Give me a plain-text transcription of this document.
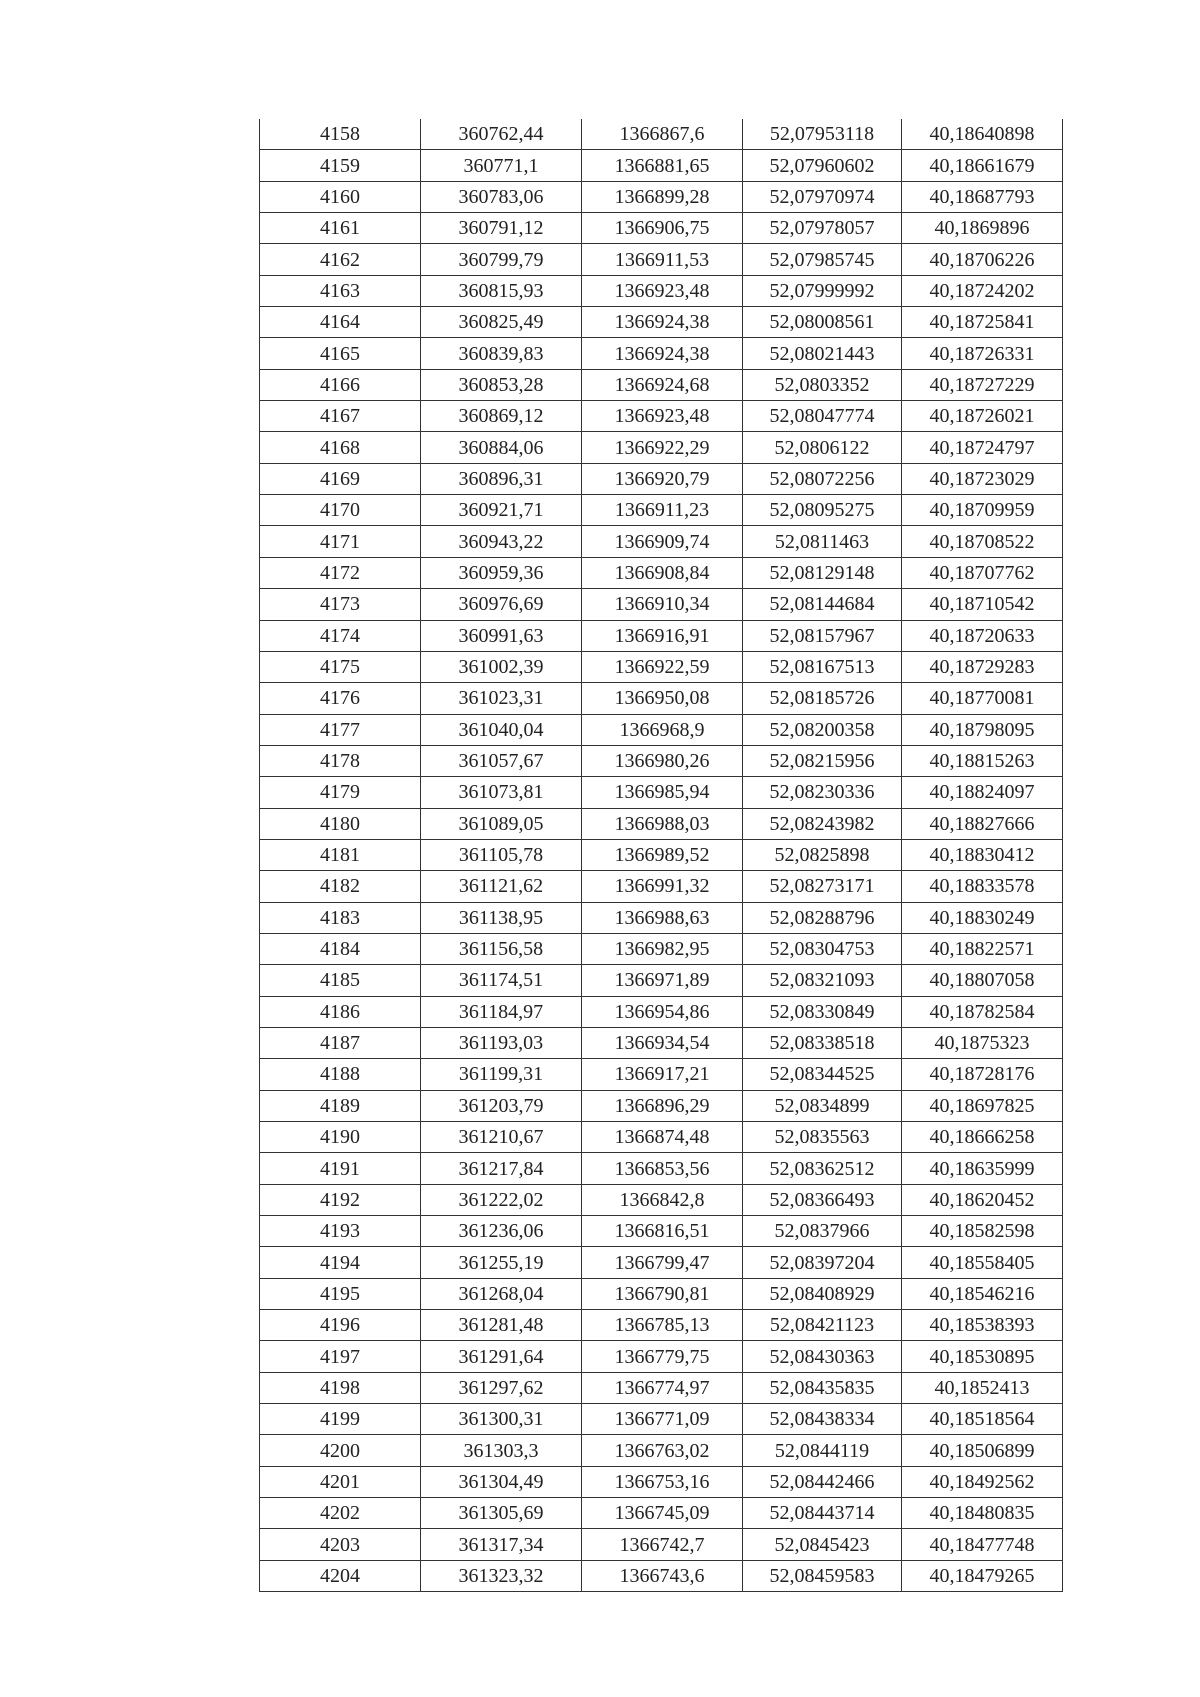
4158	360762,44	1366867,6	52,07953118	40,18640898
4159	360771,1	1366881,65	52,07960602	40,18661679
4160	360783,06	1366899,28	52,07970974	40,18687793
4161	360791,12	1366906,75	52,07978057	40,1869896
4162	360799,79	1366911,53	52,07985745	40,18706226
4163	360815,93	1366923,48	52,07999992	40,18724202
4164	360825,49	1366924,38	52,08008561	40,18725841
4165	360839,83	1366924,38	52,08021443	40,18726331
4166	360853,28	1366924,68	52,0803352	40,18727229
4167	360869,12	1366923,48	52,08047774	40,18726021
4168	360884,06	1366922,29	52,0806122	40,18724797
4169	360896,31	1366920,79	52,08072256	40,18723029
4170	360921,71	1366911,23	52,08095275	40,18709959
4171	360943,22	1366909,74	52,0811463	40,18708522
4172	360959,36	1366908,84	52,08129148	40,18707762
4173	360976,69	1366910,34	52,08144684	40,18710542
4174	360991,63	1366916,91	52,08157967	40,18720633
4175	361002,39	1366922,59	52,08167513	40,18729283
4176	361023,31	1366950,08	52,08185726	40,18770081
4177	361040,04	1366968,9	52,08200358	40,18798095
4178	361057,67	1366980,26	52,08215956	40,18815263
4179	361073,81	1366985,94	52,08230336	40,18824097
4180	361089,05	1366988,03	52,08243982	40,18827666
4181	361105,78	1366989,52	52,0825898	40,18830412
4182	361121,62	1366991,32	52,08273171	40,18833578
4183	361138,95	1366988,63	52,08288796	40,18830249
4184	361156,58	1366982,95	52,08304753	40,18822571
4185	361174,51	1366971,89	52,08321093	40,18807058
4186	361184,97	1366954,86	52,08330849	40,18782584
4187	361193,03	1366934,54	52,08338518	40,1875323
4188	361199,31	1366917,21	52,08344525	40,18728176
4189	361203,79	1366896,29	52,0834899	40,18697825
4190	361210,67	1366874,48	52,0835563	40,18666258
4191	361217,84	1366853,56	52,08362512	40,18635999
4192	361222,02	1366842,8	52,08366493	40,18620452
4193	361236,06	1366816,51	52,0837966	40,18582598
4194	361255,19	1366799,47	52,08397204	40,18558405
4195	361268,04	1366790,81	52,08408929	40,18546216
4196	361281,48	1366785,13	52,08421123	40,18538393
4197	361291,64	1366779,75	52,08430363	40,18530895
4198	361297,62	1366774,97	52,08435835	40,1852413
4199	361300,31	1366771,09	52,08438334	40,18518564
4200	361303,3	1366763,02	52,0844119	40,18506899
4201	361304,49	1366753,16	52,08442466	40,18492562
4202	361305,69	1366745,09	52,08443714	40,18480835
4203	361317,34	1366742,7	52,0845423	40,18477748
4204	361323,32	1366743,6	52,08459583	40,18479265
